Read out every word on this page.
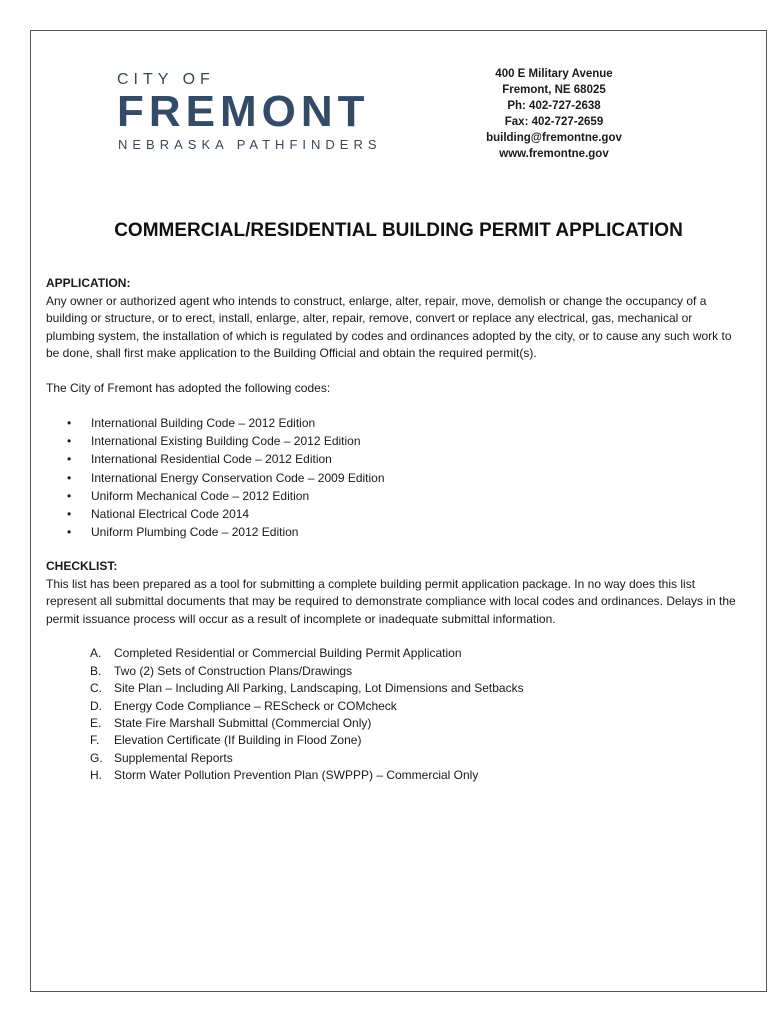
CITY OF
FREMONT
NEBRASKA PATHFINDERS
400 E Military Avenue
Fremont, NE 68025
Ph: 402-727-2638
Fax: 402-727-2659
building@fremontne.gov
www.fremontne.gov
COMMERCIAL/RESIDENTIAL BUILDING PERMIT APPLICATION

APPLICATION:

Any owner or authorized agent who intends to construct, enlarge, alter, repair, move, demolish or change the occupancy of a building or structure, or to erect, install, enlarge, alter, repair, remove, convert or replace any electrical, gas, mechanical or plumbing system, the installation of which is regulated by codes and ordinances adopted by the city, or to cause any such work to be done, shall first make application to the Building Official and obtain the required permit(s).

The City of Fremont has adopted the following codes:

• International Building Code – 2012 Edition
• International Existing Building Code – 2012 Edition
• International Residential Code – 2012 Edition
• International Energy Conservation Code – 2009 Edition
• Uniform Mechanical Code – 2012 Edition
• National Electrical Code 2014
• Uniform Plumbing Code – 2012 Edition

CHECKLIST:

This list has been prepared as a tool for submitting a complete building permit application package. In no way does this list represent all submittal documents that may be required to demonstrate compliance with local codes and ordinances. Delays in the permit issuance process will occur as a result of incomplete or inadequate submittal information.

A. Completed Residential or Commercial Building Permit Application
B. Two (2) Sets of Construction Plans/Drawings
C. Site Plan – Including All Parking, Landscaping, Lot Dimensions and Setbacks
D. Energy Code Compliance – REScheck or COMcheck
E. State Fire Marshall Submittal (Commercial Only)
F. Elevation Certificate (If Building in Flood Zone)
G. Supplemental Reports
H. Storm Water Pollution Prevention Plan (SWPPP) – Commercial Only
